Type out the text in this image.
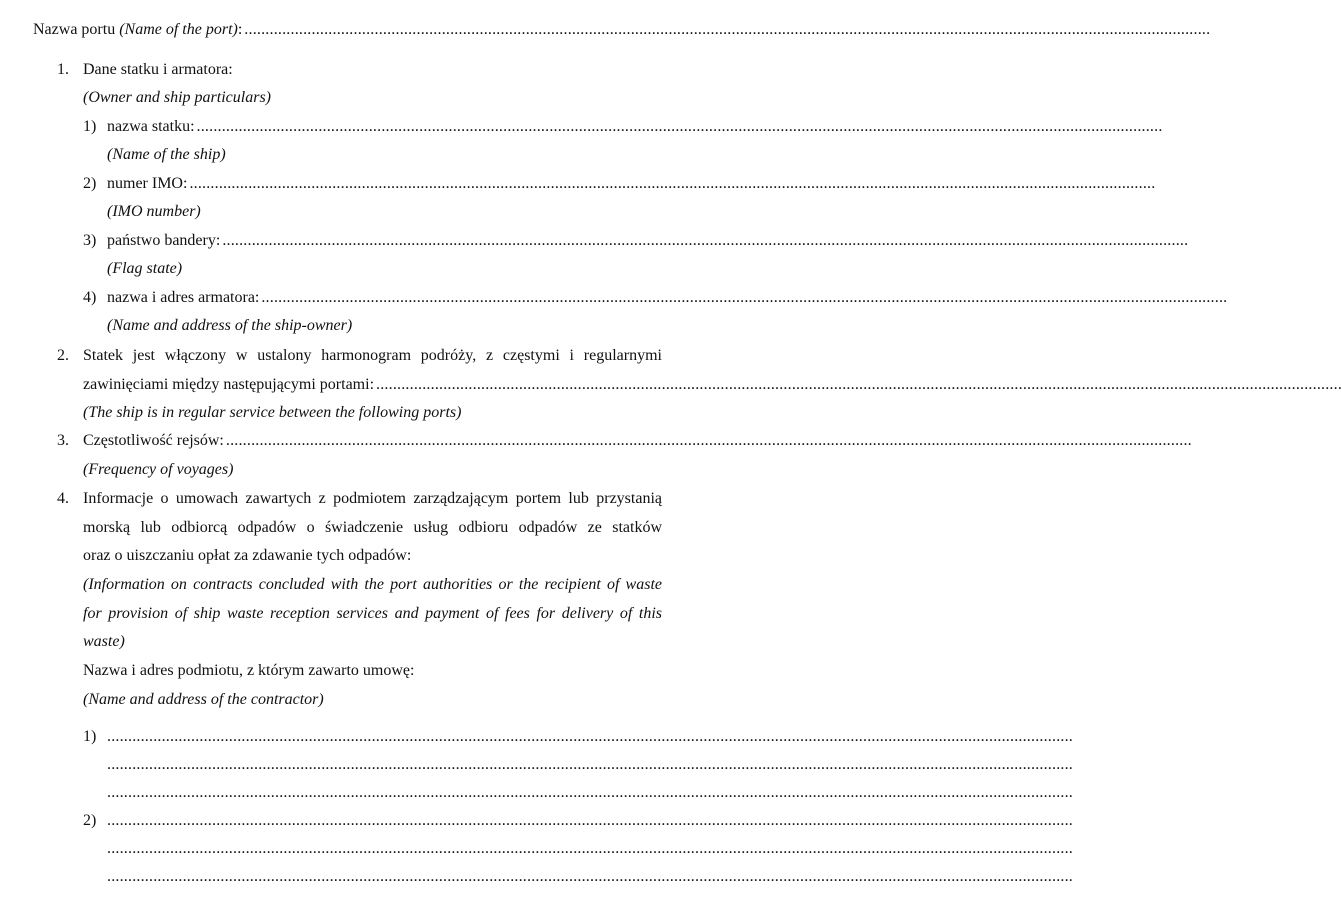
Nazwa portu
(Name of the port) : ......................................................................................................................................................................................................................................
1. Dane statku i armatora:
(Owner and ship particulars)
1) nazwa statku: ......................................................................................................................................................................................................................................
(Name of the ship)
2) numer IMO: ......................................................................................................................................................................................................................................
(IMO number)
3) państwo bandery: ......................................................................................................................................................................................................................................
(Flag state)
4) nazwa i adres armatora: ......................................................................................................................................................................................................................................
(Name and address of the ship-owner)
2. Statek jest włączony w ustalony harmonogram podróży, z częstymi i regularnymi
zawinięciami między następującymi portami: ......................................................................................................................................................................................................................................
(The ship is in regular service between the following ports)
3. Częstotliwość rejsów: ......................................................................................................................................................................................................................................
(Frequency of voyages)
4. Informacje o umowach zawartych z podmiotem zarządzającym portem lub przystanią
morską lub odbiorcą odpadów o świadczenie usług odbioru odpadów ze statków
oraz o uiszczaniu opłat za zdawanie tych odpadów:
(Information on contracts concluded with the port authorities or the recipient of waste
for provision of ship waste reception services and payment of fees for delivery of this
waste)
Nazwa i adres podmiotu, z którym zawarto umowę:
(Name and address of the contractor)
1) ......................................................................................................................................................................................................................................
......................................................................................................................................................................................................................................
......................................................................................................................................................................................................................................
2) ......................................................................................................................................................................................................................................
......................................................................................................................................................................................................................................
......................................................................................................................................................................................................................................
